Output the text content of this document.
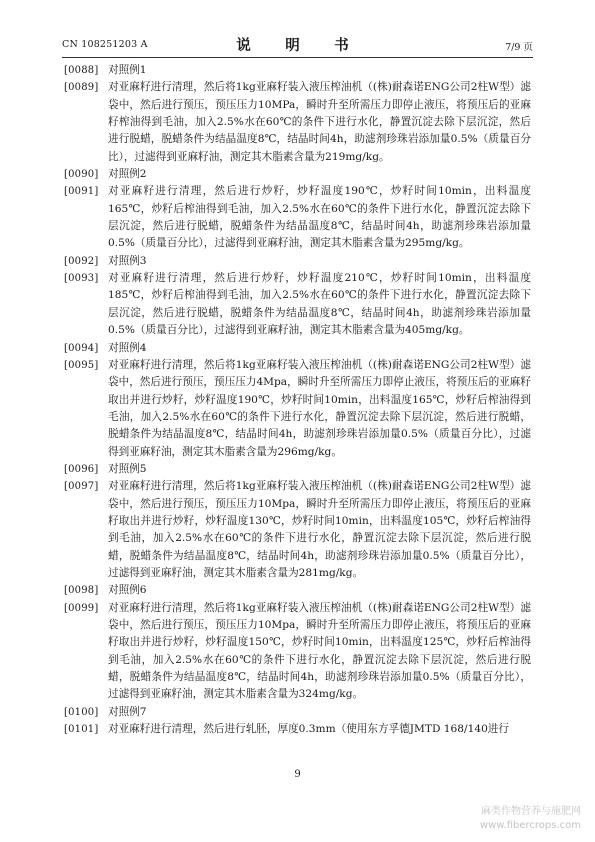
CN 108251203 A	说　明　书	7/9 页
[0088] 对照例1
[0089] 对亚麻籽进行清理，然后将1kg亚麻籽装入液压榨油机（(株)耐森诺ENG公司2柱W型）滤袋中，然后进行预压，预压压力10MPa，瞬时升至所需压力即停止液压，将预压后的亚麻籽榨油得到毛油，加入2.5%水在60℃的条件下进行水化，静置沉淀去除下层沉淀，然后进行脱蜡，脱蜡条件为结晶温度8℃，结晶时间4h，助滤剂珍珠岩添加量0.5%（质量百分比），过滤得到亚麻籽油，测定其木脂素含量为219mg/kg。
[0090] 对照例2
[0091] 对亚麻籽进行清理，然后进行炒籽，炒籽温度190℃，炒籽时间10min，出料温度165℃，炒籽后榨油得到毛油，加入2.5%水在60℃的条件下进行水化，静置沉淀去除下层沉淀，然后进行脱蜡，脱蜡条件为结晶温度8℃，结晶时间4h，助滤剂珍珠岩添加量0.5%（质量百分比），过滤得到亚麻籽油，测定其木脂素含量为295mg/kg。
[0092] 对照例3
[0093] 对亚麻籽进行清理，然后进行炒籽，炒籽温度210℃，炒籽时间10min，出料温度185℃，炒籽后榨油得到毛油，加入2.5%水在60℃的条件下进行水化，静置沉淀去除下层沉淀，然后进行脱蜡，脱蜡条件为结晶温度8℃，结晶时间4h，助滤剂珍珠岩添加量0.5%（质量百分比），过滤得到亚麻籽油，测定其木脂素含量为405mg/kg。
[0094] 对照例4
[0095] 对亚麻籽进行清理，然后将1kg亚麻籽装入液压榨油机（(株)耐森诺ENG公司2柱W型）滤袋中，然后进行预压，预压压力4Mpa，瞬时升至所需压力即停止液压，将预压后的亚麻籽取出并进行炒籽，炒籽温度190℃，炒籽时间10min，出料温度165℃，炒籽后榨油得到毛油，加入2.5%水在60℃的条件下进行水化，静置沉淀去除下层沉淀，然后进行脱蜡，脱蜡条件为结晶温度8℃，结晶时间4h，助滤剂珍珠岩添加量0.5%（质量百分比），过滤得到亚麻籽油，测定其木脂素含量为296mg/kg。
[0096] 对照例5
[0097] 对亚麻籽进行清理，然后将1kg亚麻籽装入液压榨油机（(株)耐森诺ENG公司2柱W型）滤袋中，然后进行预压，预压压力10Mpa，瞬时升至所需压力即停止液压，将预压后的亚麻籽取出并进行炒籽，炒籽温度130℃，炒籽时间10min，出料温度105℃，炒籽后榨油得到毛油，加入2.5%水在60℃的条件下进行水化，静置沉淀去除下层沉淀，然后进行脱蜡，脱蜡条件为结晶温度8℃，结晶时间4h，助滤剂珍珠岩添加量0.5%（质量百分比），过滤得到亚麻籽油，测定其木脂素含量为281mg/kg。
[0098] 对照例6
[0099] 对亚麻籽进行清理，然后将1kg亚麻籽装入液压榨油机（(株)耐森诺ENG公司2柱W型）滤袋中，然后进行预压，预压压力10Mpa，瞬时升至所需压力即停止液压，将预压后的亚麻籽取出并进行炒籽，炒籽温度150℃，炒籽时间10min，出料温度125℃，炒籽后榨油得到毛油，加入2.5%水在60℃的条件下进行水化，静置沉淀去除下层沉淀，然后进行脱蜡，脱蜡条件为结晶温度8℃，结晶时间4h，助滤剂珍珠岩添加量0.5%（质量百分比），过滤得到亚麻籽油，测定其木脂素含量为324mg/kg。
[0100] 对照例7
[0101] 对亚麻籽进行清理，然后进行轧胚，厚度0.3mm（使用东方孚德JMTD 168/140进行
9
麻类作物营养与施肥网
www.fibercrops.com
